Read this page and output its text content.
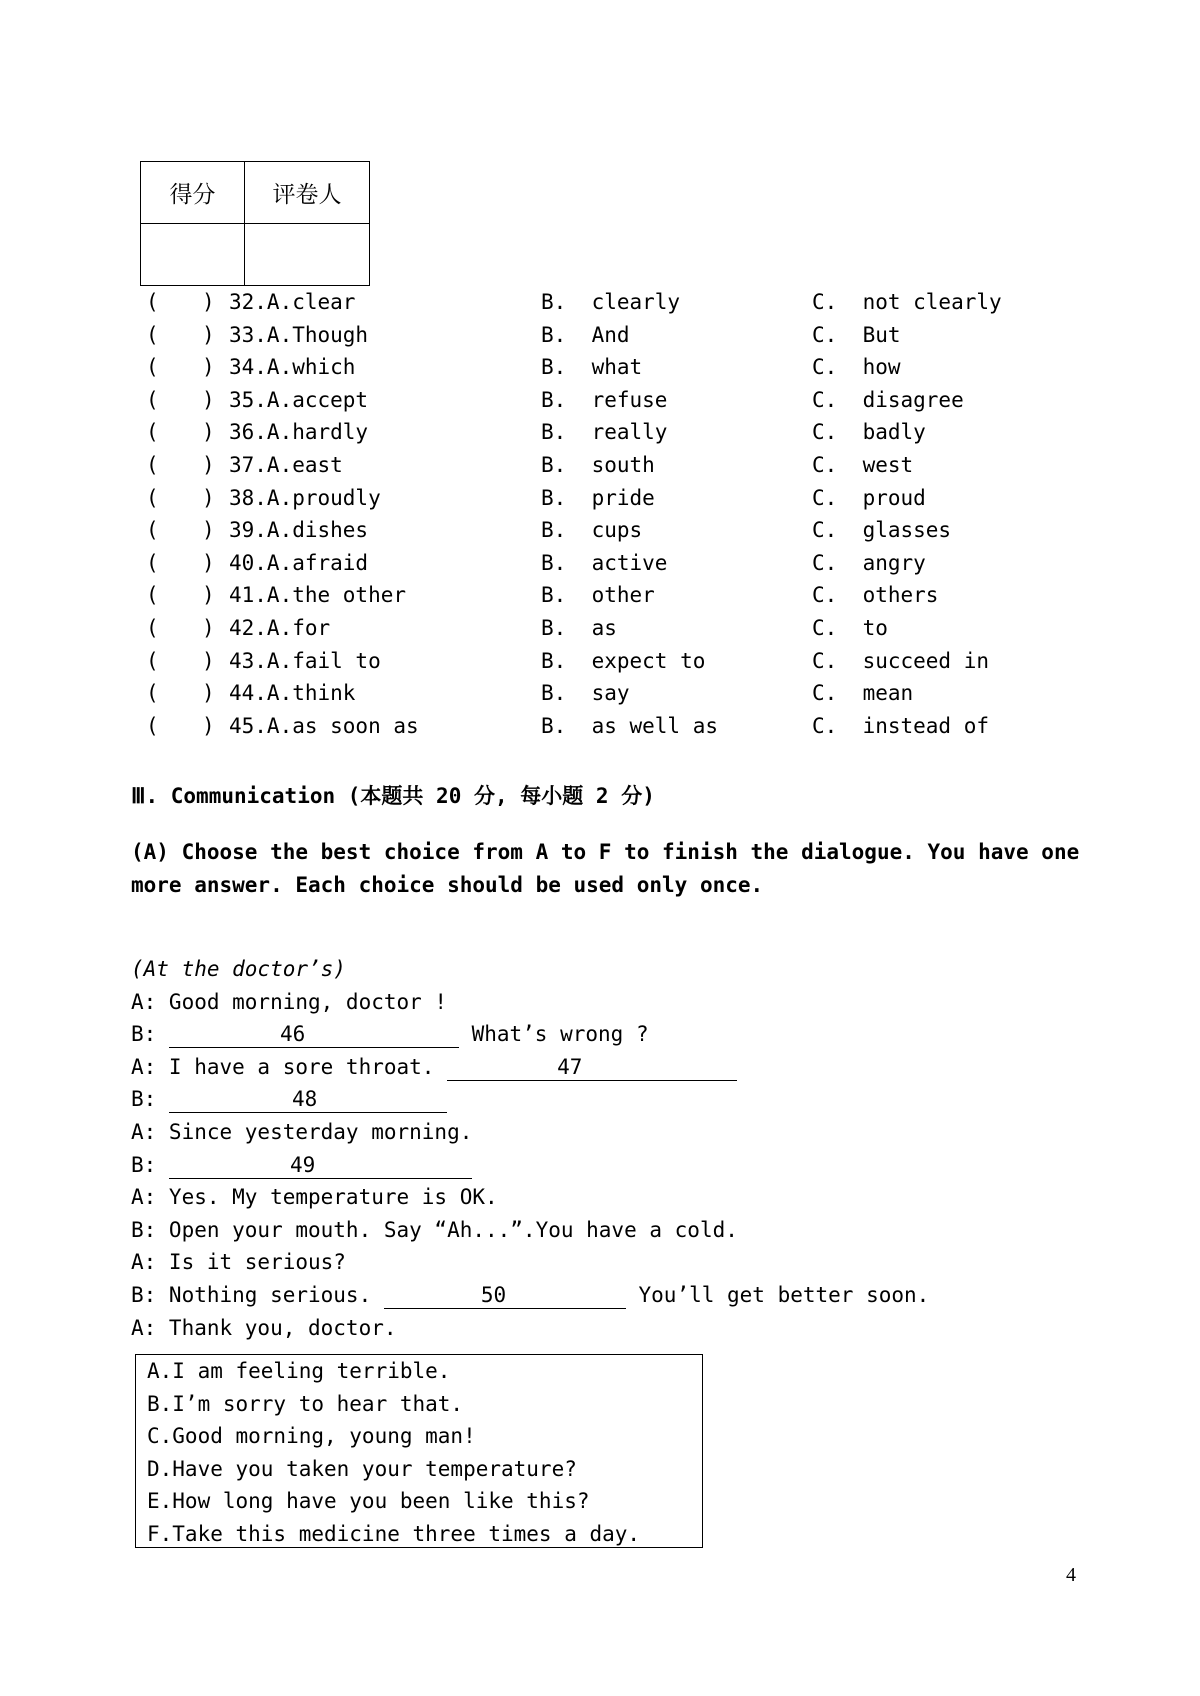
得分	评卷人

( ) 32.A.clear	B.  clearly	C.  not clearly
( ) 33.A.Though	B.  And	C.  But
( ) 34.A.which	B.  what	C.  how
( ) 35.A.accept	B.  refuse	C.  disagree
( ) 36.A.hardly	B.  really	C.  badly
( ) 37.A.east	B.  south	C.  west
( ) 38.A.proudly	B.  pride	C.  proud
( ) 39.A.dishes	B.  cups	C.  glasses
( ) 40.A.afraid	B.  active	C.  angry
( ) 41.A.the other	B.  other	C.  others
( ) 42.A.for	B.  as	C.  to
( ) 43.A.fail to	B.  expect to	C.  succeed in
( ) 44.A.think	B.  say	C.  mean
( ) 45.A.as soon as	B.  as well as	C.  instead of
Ⅲ. Communication (本题共 20 分, 每小题 2 分)
(A) Choose the best choice from A to F to finish the dialogue. You have one more answer. Each choice should be used only once.
(At the doctor’s)
A: Good morning, doctor !
B:	46	What’s wrong ?
A: I have a sore throat.	47
B:	48
A: Since yesterday morning.
B:	49
A: Yes. My temperature is OK.
B: Open your mouth. Say “Ah...”.You have a cold.
A: Is it serious?
B: Nothing serious.	50	You’ll get better soon.
A: Thank you, doctor.
A.I am feeling terrible.
B.I’m sorry to hear that.
C.Good morning, young man!
D.Have you taken your temperature?
E.How long have you been like this?
F.Take this medicine three times a day.
4
